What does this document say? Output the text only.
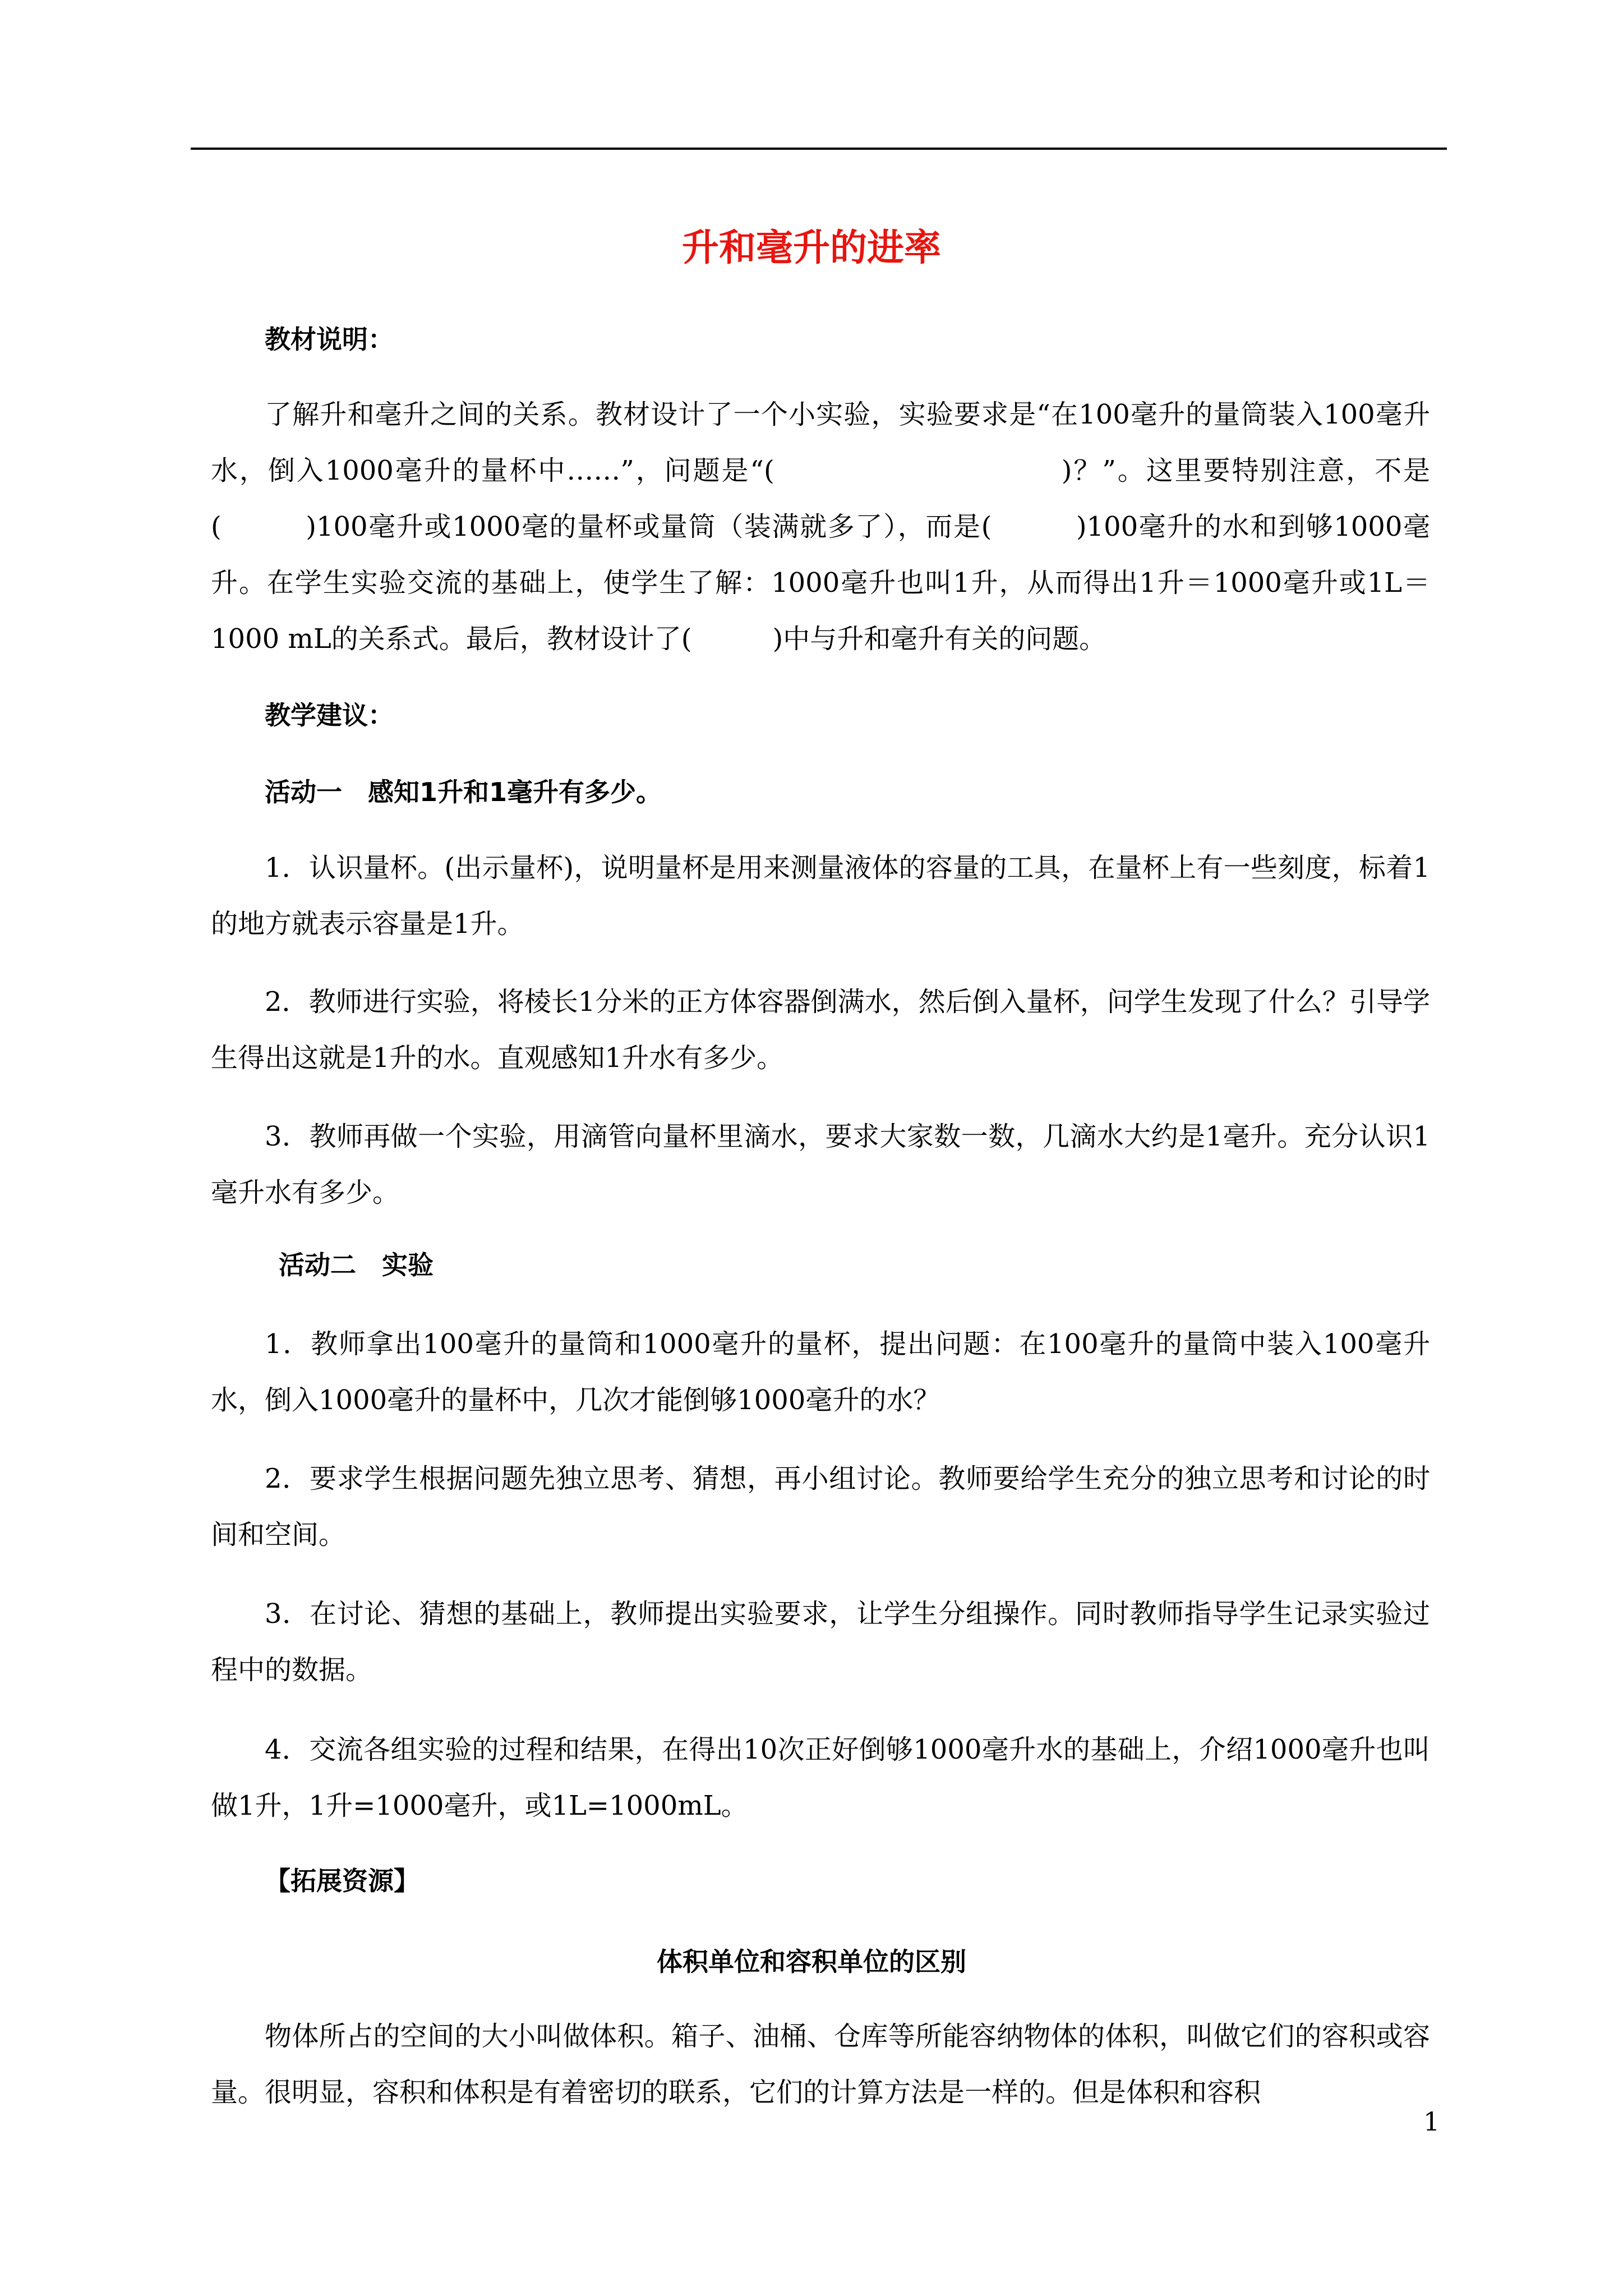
升和毫升的进率
教材说明：
了解升和毫升之间的关系。教材设计了一个小实验，实验要求是“在100毫升的量筒装入100毫升水，倒入1000毫升的量杯中……”，问题是“(　　　　　　　　　　)？”。这里要特别注意，不是(　　　)100毫升或1000毫的量杯或量筒（装满就多了），而是(　　　)100毫升的水和到够1000毫升。在学生实验交流的基础上，使学生了解：1000毫升也叫1升，从而得出1升＝1000毫升或1L＝1000 mL的关系式。最后，教材设计了(　　　)中与升和毫升有关的问题。
教学建议：
活动一　感知1升和1毫升有多少。
1．认识量杯。(出示量杯)，说明量杯是用来测量液体的容量的工具，在量杯上有一些刻度，标着1的地方就表示容量是1升。
2．教师进行实验，将棱长1分米的正方体容器倒满水，然后倒入量杯，问学生发现了什么？引导学生得出这就是1升的水。直观感知1升水有多少。
3．教师再做一个实验，用滴管向量杯里滴水，要求大家数一数，几滴水大约是1毫升。充分认识1毫升水有多少。
活动二　实验
1．教师拿出100毫升的量筒和1000毫升的量杯，提出问题：在100毫升的量筒中装入100毫升水，倒入1000毫升的量杯中，几次才能倒够1000毫升的水？
2．要求学生根据问题先独立思考、猜想，再小组讨论。教师要给学生充分的独立思考和讨论的时间和空间。
3．在讨论、猜想的基础上，教师提出实验要求，让学生分组操作。同时教师指导学生记录实验过程中的数据。
4．交流各组实验的过程和结果，在得出10次正好倒够1000毫升水的基础上，介绍1000毫升也叫做1升，1升=1000毫升，或1L=1000mL。
【拓展资源】
体积单位和容积单位的区别
物体所占的空间的大小叫做体积。箱子、油桶、仓库等所能容纳物体的体积，叫做它们的容积或容量。很明显，容积和体积是有着密切的联系，它们的计算方法是一样的。但是体积和容积
1
